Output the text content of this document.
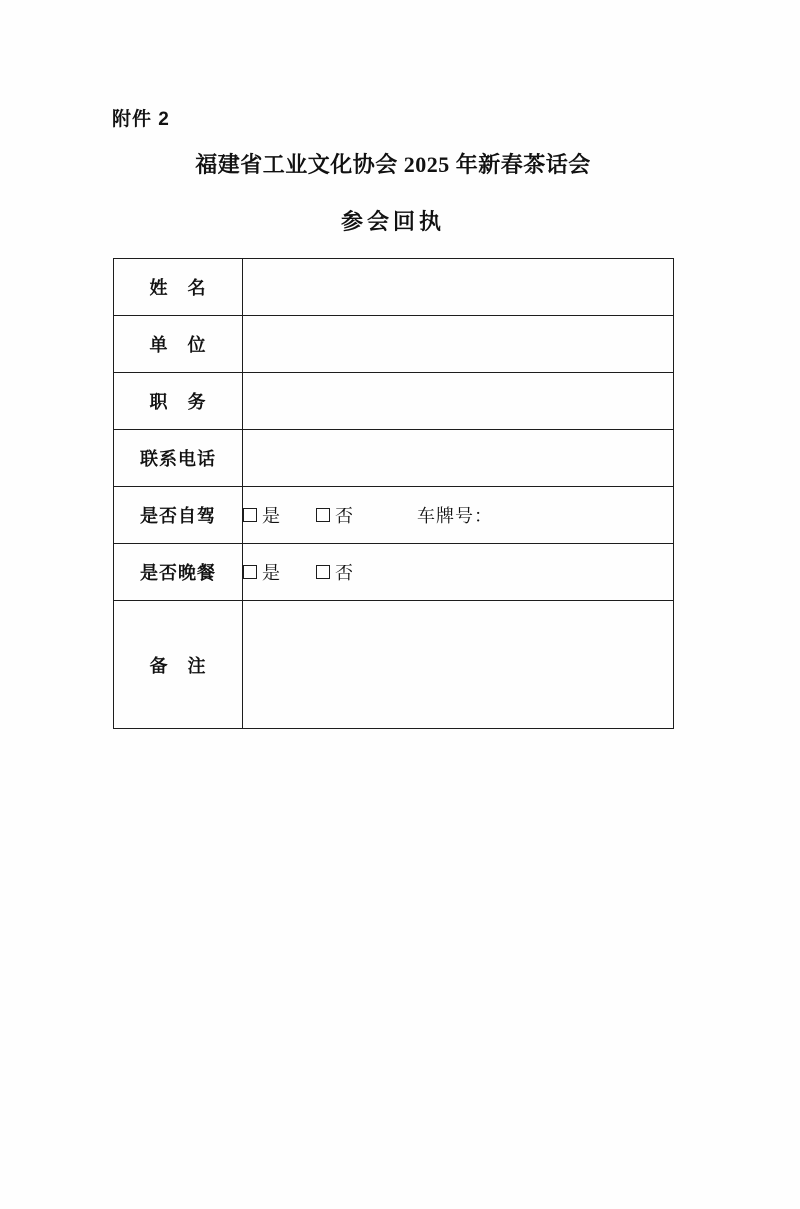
附件 2
福建省工业文化协会 2025 年新春茶话会
参会回执
姓　名	
单　位	
职　务	
联系电话	
是否自驾	是 否 车牌号：

是否晚餐	是 否

备　注	
